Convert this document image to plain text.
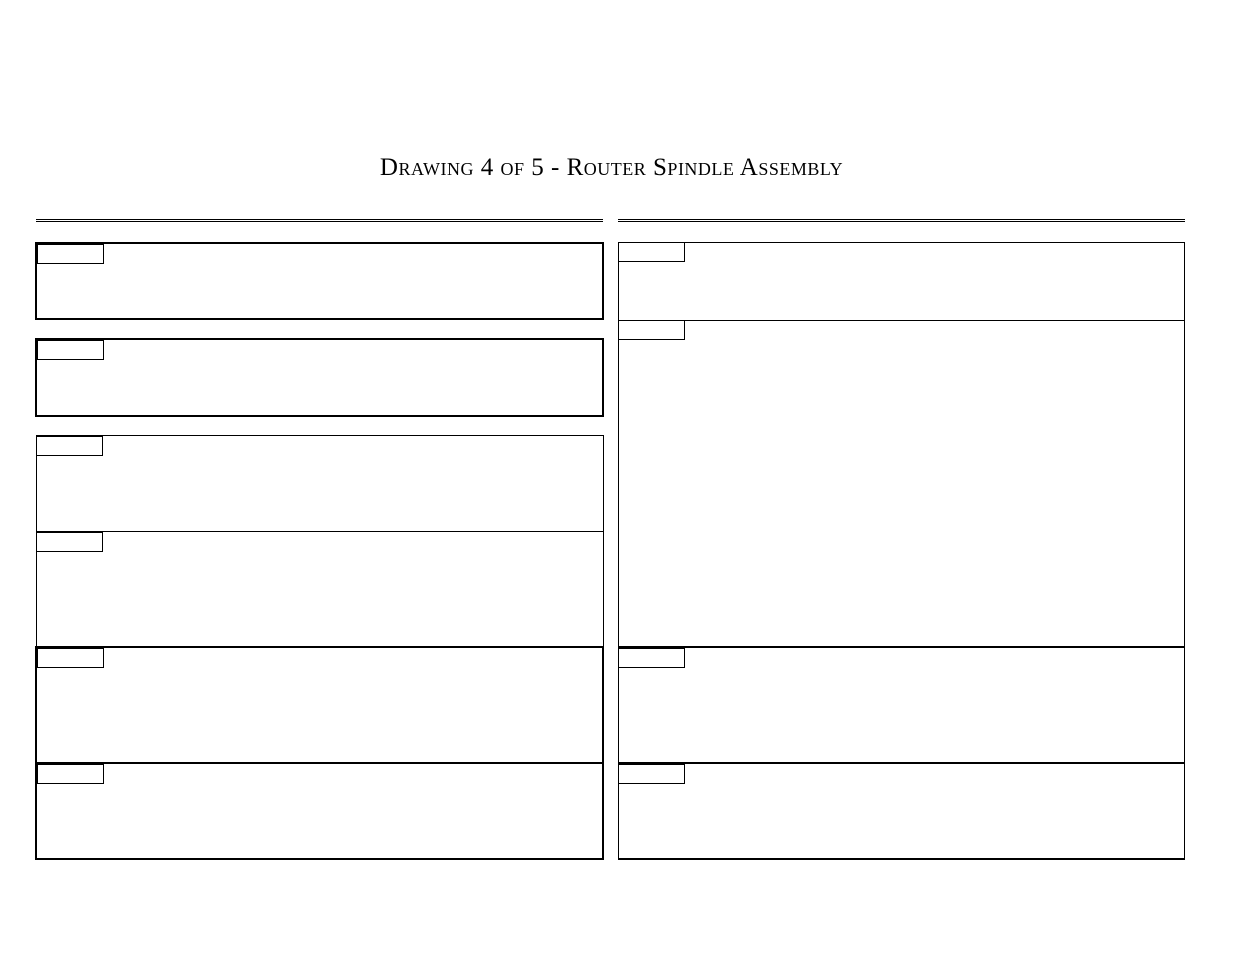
Drawing 4 of 5 - Router Spindle Assembly
